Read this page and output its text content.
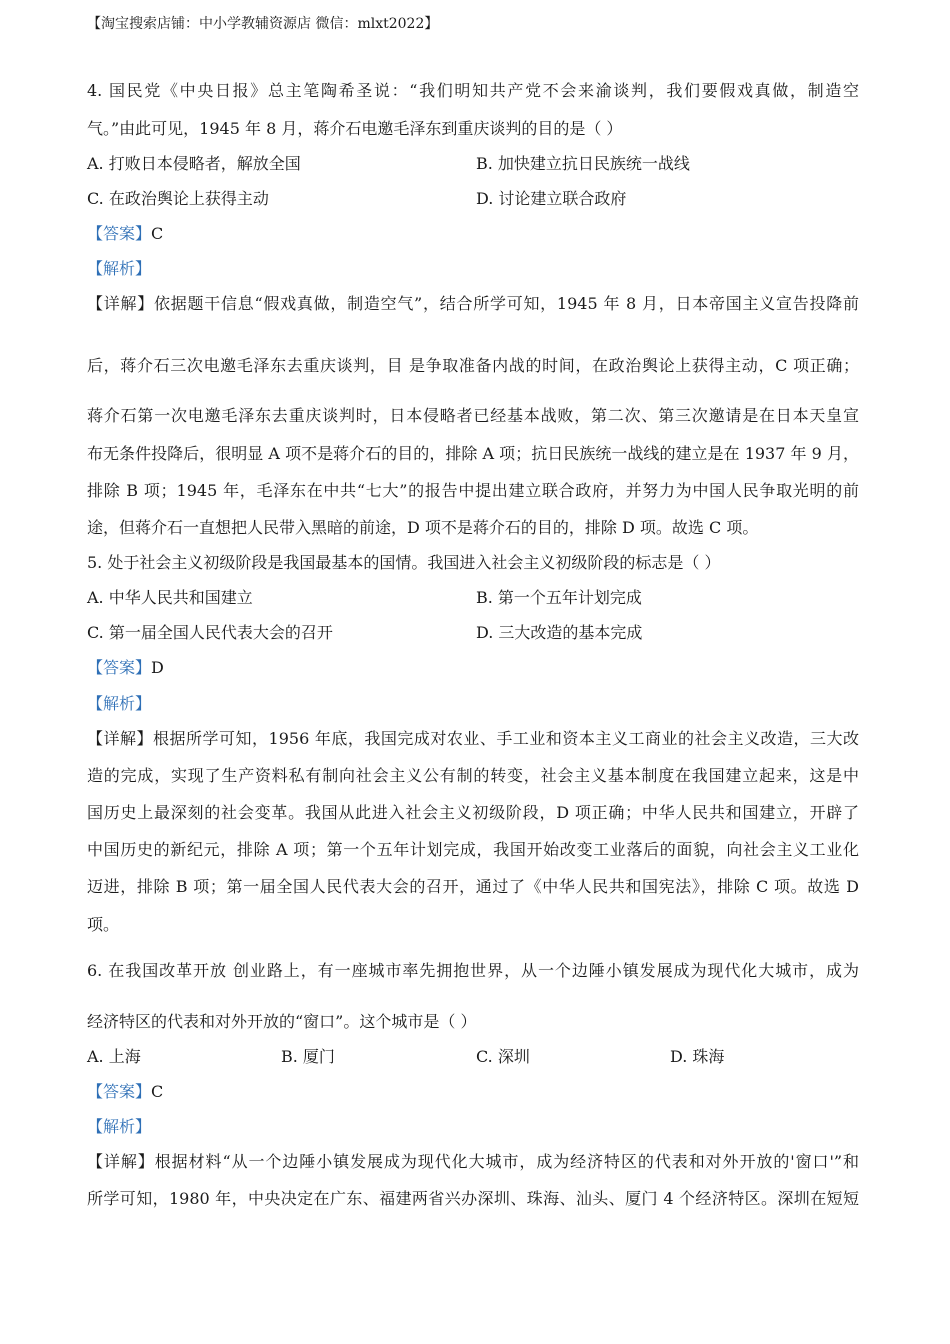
【淘宝搜索店铺：中小学教辅资源店 微信：mlxt2022】
4. 国民党《中央日报》总主笔陶希圣说：“我们明知共产党不会来渝谈判，我们要假戏真做，制造空
气。”由此可见，1945 年 8 月，蒋介石电邀毛泽东到重庆谈判的目的是（ ）
A. 打败日本侵略者，解放全国	B. 加快建立抗日民族统一战线
C. 在政治舆论上获得主动	D. 讨论建立联合政府
【答案】C
【解析】
【详解】依据题干信息“假戏真做，制造空气”，结合所学可知，1945 年 8 月，日本帝国主义宣告投降前
后，蒋介石三次电邀毛泽东去重庆谈判，目 是争取准备内战的时间，在政治舆论上获得主动，C 项正确；
蒋介石第一次电邀毛泽东去重庆谈判时，日本侵略者已经基本战败，第二次、第三次邀请是在日本天皇宣
布无条件投降后，很明显 A 项不是蒋介石的目的，排除 A 项；抗日民族统一战线的建立是在 1937 年 9 月，
排除 B 项；1945 年，毛泽东在中共“七大”的报告中提出建立联合政府，并努力为中国人民争取光明的前
途，但蒋介石一直想把人民带入黑暗的前途，D 项不是蒋介石的目的，排除 D 项。故选 C 项。
5. 处于社会主义初级阶段是我国最基本的国情。我国进入社会主义初级阶段的标志是（ ）
A. 中华人民共和国建立	B. 第一个五年计划完成
C. 第一届全国人民代表大会的召开	D. 三大改造的基本完成
【答案】D
【解析】
【详解】根据所学可知，1956 年底，我国完成对农业、手工业和资本主义工商业的社会主义改造，三大改
造的完成，实现了生产资料私有制向社会主义公有制的转变，社会主义基本制度在我国建立起来，这是中
国历史上最深刻的社会变革。我国从此进入社会主义初级阶段，D 项正确；中华人民共和国建立，开辟了
中国历史的新纪元，排除 A 项；第一个五年计划完成，我国开始改变工业落后的面貌，向社会主义工业化
迈进，排除 B 项；第一届全国人民代表大会的召开，通过了《中华人民共和国宪法》，排除 C 项。故选 D
项。
6. 在我国改革开放 创业路上，有一座城市率先拥抱世界，从一个边陲小镇发展成为现代化大城市，成为
经济特区的代表和对外开放的“窗口”。这个城市是（ ）
A. 上海	B. 厦门	C. 深圳	D. 珠海
【答案】C
【解析】
【详解】根据材料“从一个边陲小镇发展成为现代化大城市，成为经济特区的代表和对外开放的'窗口'”和
所学可知，1980 年，中央决定在广东、福建两省兴办深圳、珠海、汕头、厦门 4 个经济特区。深圳在短短
